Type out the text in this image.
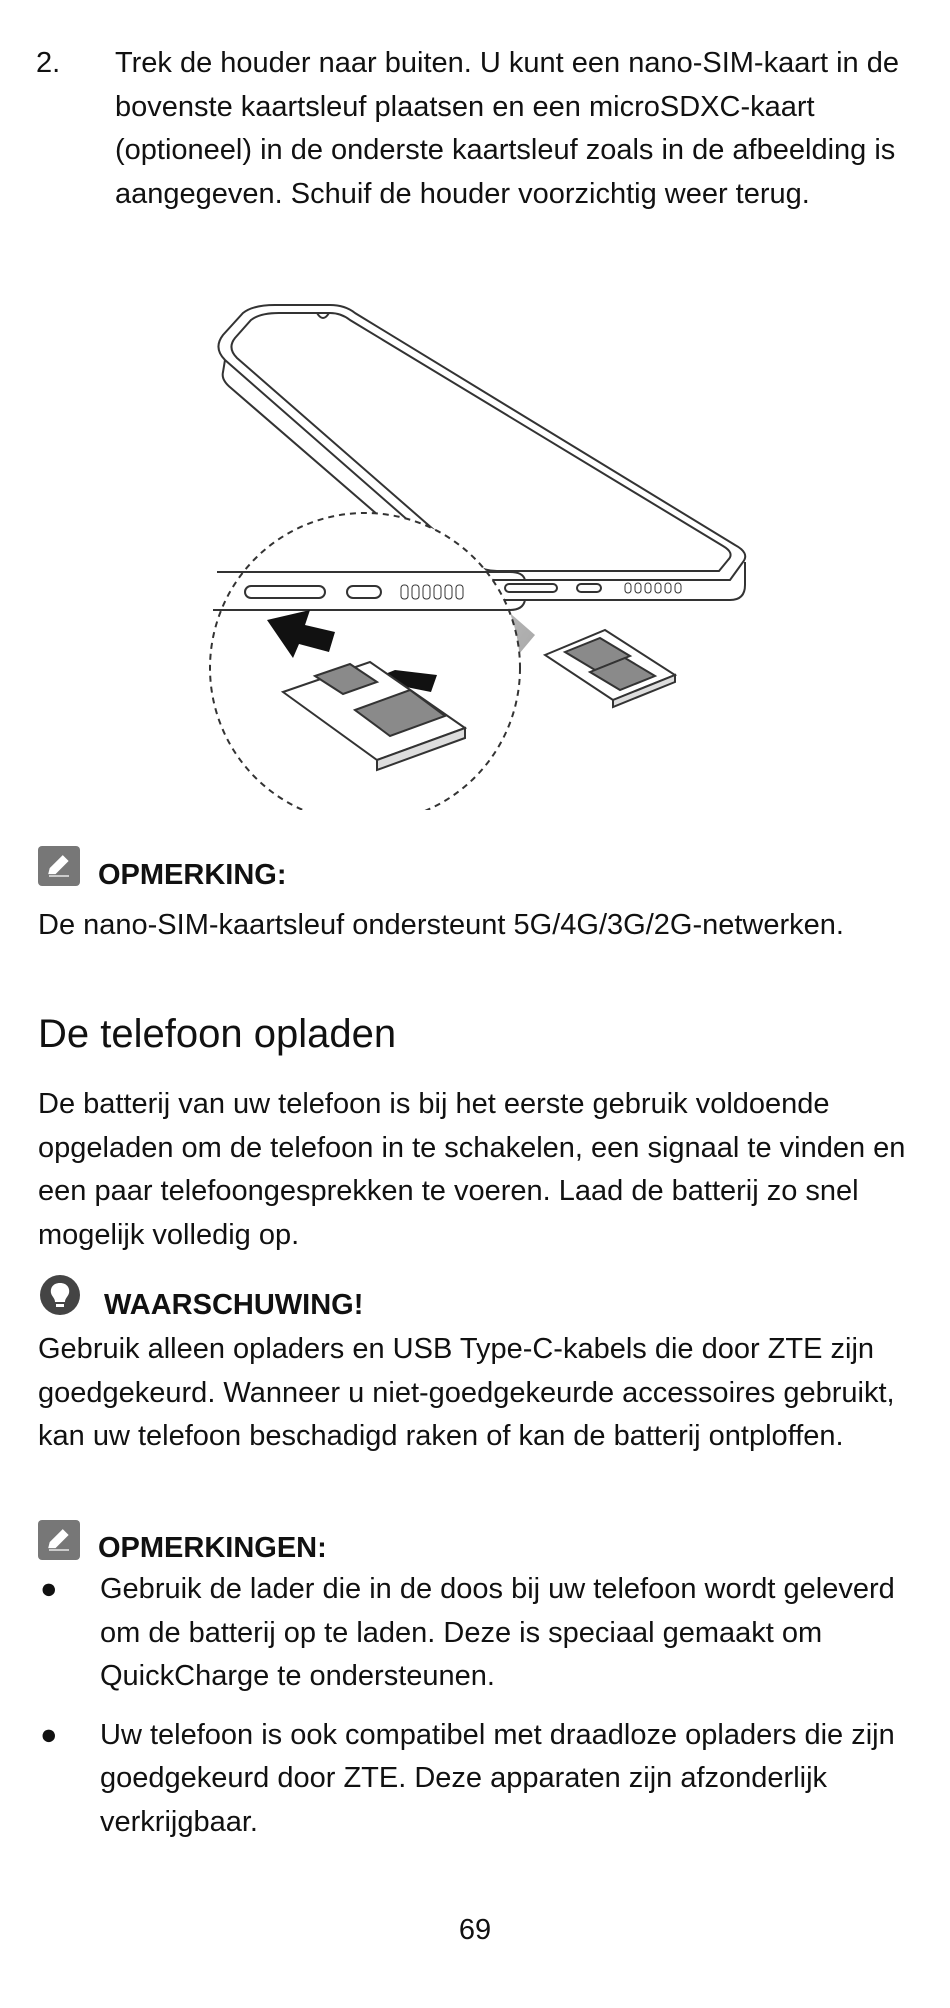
2. Trek de houder naar buiten. U kunt een nano-SIM-kaart in de bovenste kaartsleuf plaatsen en een microSDXC-kaart (optioneel) in de onderste kaartsleuf zoals in de afbeelding is aangegeven. Schuif de houder voorzichtig weer terug.
OPMERKING:
De nano-SIM-kaartsleuf ondersteunt 5G/4G/3G/2G-netwerken.
De telefoon opladen
De batterij van uw telefoon is bij het eerste gebruik voldoende opgeladen om de telefoon in te schakelen, een signaal te vinden en een paar telefoongesprekken te voeren. Laad de batterij zo snel mogelijk volledig op.
WAARSCHUWING!
Gebruik alleen opladers en USB Type-C-kabels die door ZTE zijn goedgekeurd. Wanneer u niet-goedgekeurde accessoires gebruikt, kan uw telefoon beschadigd raken of kan de batterij ontploffen.
OPMERKINGEN:
● Gebruik de lader die in de doos bij uw telefoon wordt geleverd om de batterij op te laden. Deze is speciaal gemaakt om QuickCharge te ondersteunen.
● Uw telefoon is ook compatibel met draadloze opladers die zijn goedgekeurd door ZTE. Deze apparaten zijn afzonderlijk verkrijgbaar.
69
